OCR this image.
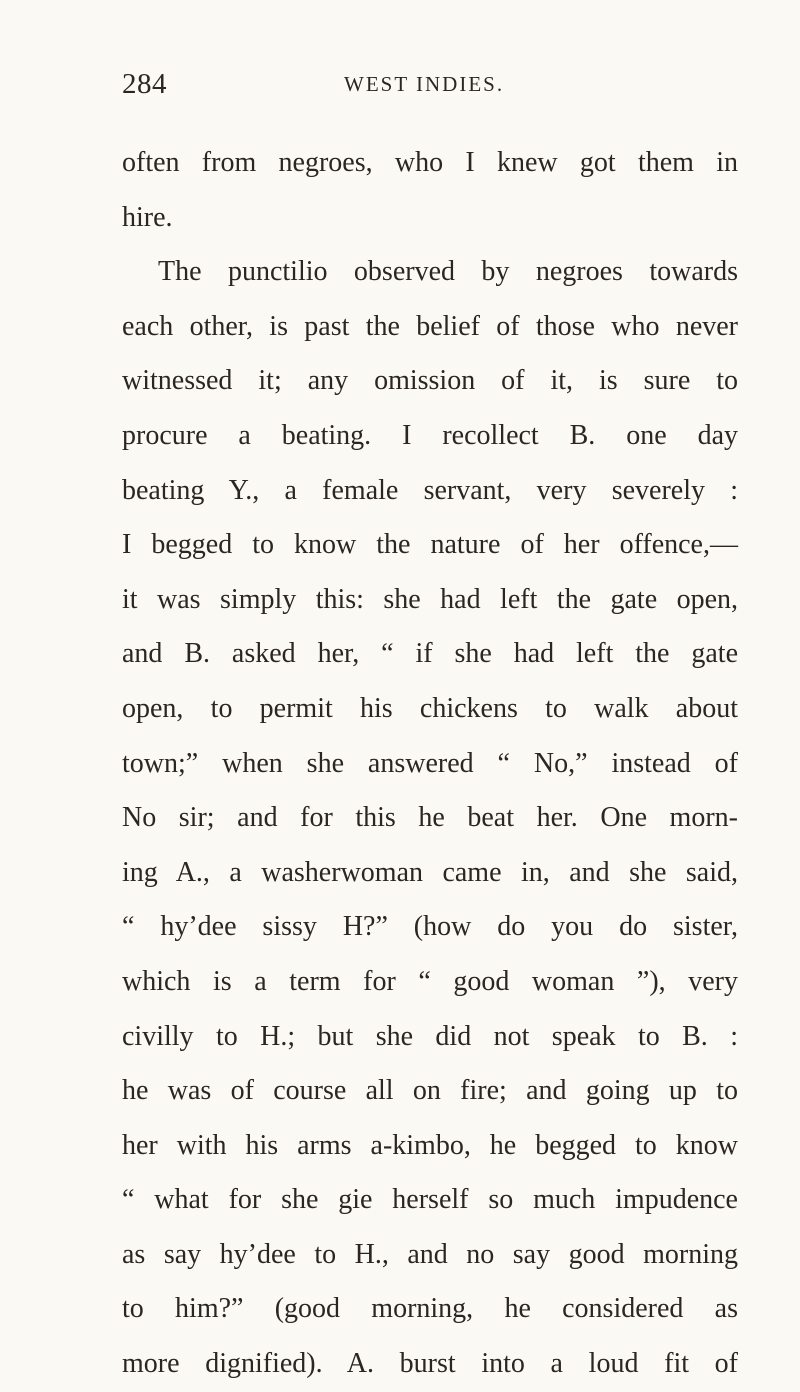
284	WEST INDIES.
often from negroes, who I knew got them in
hire.
The punctilio observed by negroes towards
each other, is past the belief of those who never
witnessed it; any omission of it, is sure to
procure a beating. I recollect B. one day
beating Y., a female servant, very severely :
I begged to know the nature of her offence,—
it was simply this: she had left the gate open,
and B. asked her, “ if she had left the gate
open, to permit his chickens to walk about
town;” when she answered “ No,” instead of
No sir; and for this he beat her. One morn-
ing A., a washerwoman came in, and she said,
“ hy’dee sissy H?” (how do you do sister,
which is a term for “ good woman ”), very
civilly to H.; but she did not speak to B. :
he was of course all on fire; and going up to
her with his arms a-kimbo, he begged to know
“ what for she gie herself so much impudence
as say hy’dee to H., and no say good morning
to him?” (good morning, he considered as
more dignified). A. burst into a loud fit of
